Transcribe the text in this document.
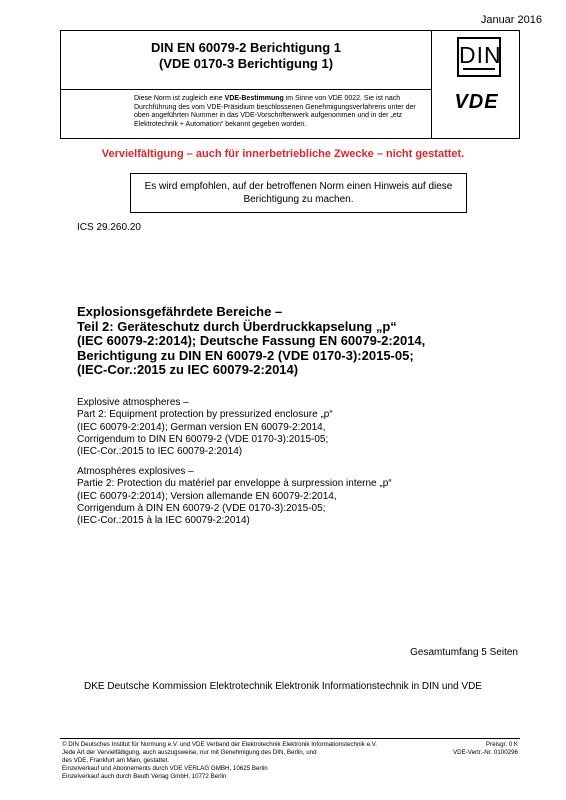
Januar 2016
DIN EN 60079-2 Berichtigung 1
(VDE 0170-3 Berichtigung 1)
Diese Norm ist zugleich eine VDE-Bestimmung im Sinne von VDE 0022. Sie ist nach Durchführung des vom VDE-Präsidium beschlossenen Genehmigungsverfahrens unter der oben angeführten Nummer in das VDE-Vorschriftenwerk aufgenommen und in der „etz Elektrotechnik + Automation“ bekannt gegeben worden.
DIN
VDE
Vervielfältigung – auch für innerbetriebliche Zwecke – nicht gestattet.
Es wird empfohlen, auf der betroffenen Norm einen Hinweis auf diese Berichtigung zu machen.
ICS 29.260.20
Explosionsgefährdete Bereiche –
Teil 2: Geräteschutz durch Überdruckkapselung „p“
(IEC 60079-2:2014); Deutsche Fassung EN 60079-2:2014,
Berichtigung zu DIN EN 60079-2 (VDE 0170-3):2015-05;
(IEC-Cor.:2015 zu IEC 60079-2:2014)
Explosive atmospheres –
Part 2: Equipment protection by pressurized enclosure „p“
(IEC 60079-2:2014); German version EN 60079-2:2014,
Corrigendum to DIN EN 60079-2 (VDE 0170-3):2015-05;
(IEC-Cor.:2015 to IEC 60079-2:2014)
Atmosphères explosives –
Partie 2: Protection du matériel par enveloppe à surpression interne „p“
(IEC 60079-2:2014); Version allemande EN 60079-2:2014,
Corrigendum à DIN EN 60079-2 (VDE 0170-3):2015-05;
(IEC-Cor.:2015 à la IEC 60079-2:2014)
Gesamtumfang 5 Seiten
DKE Deutsche Kommission Elektrotechnik Elektronik Informationstechnik in DIN und VDE
© DIN Deutsches Institut für Normung e.V. und VDE Verband der Elektrotechnik Elektronik Informationstechnik e.V.
Jede Art der Vervielfältigung, auch auszugsweise, nur mit Genehmigung des DIN, Berlin, und
des VDE, Frankfurt am Main, gestattet.
Einzelverkauf und Abonnements durch VDE VERLAG GMBH, 10625 Berlin
Einzelverkauf auch durch Beuth Verlag GmbH, 10772 Berlin
Preisgr. 0 K
VDE-Vertr.-Nr. 0100296
